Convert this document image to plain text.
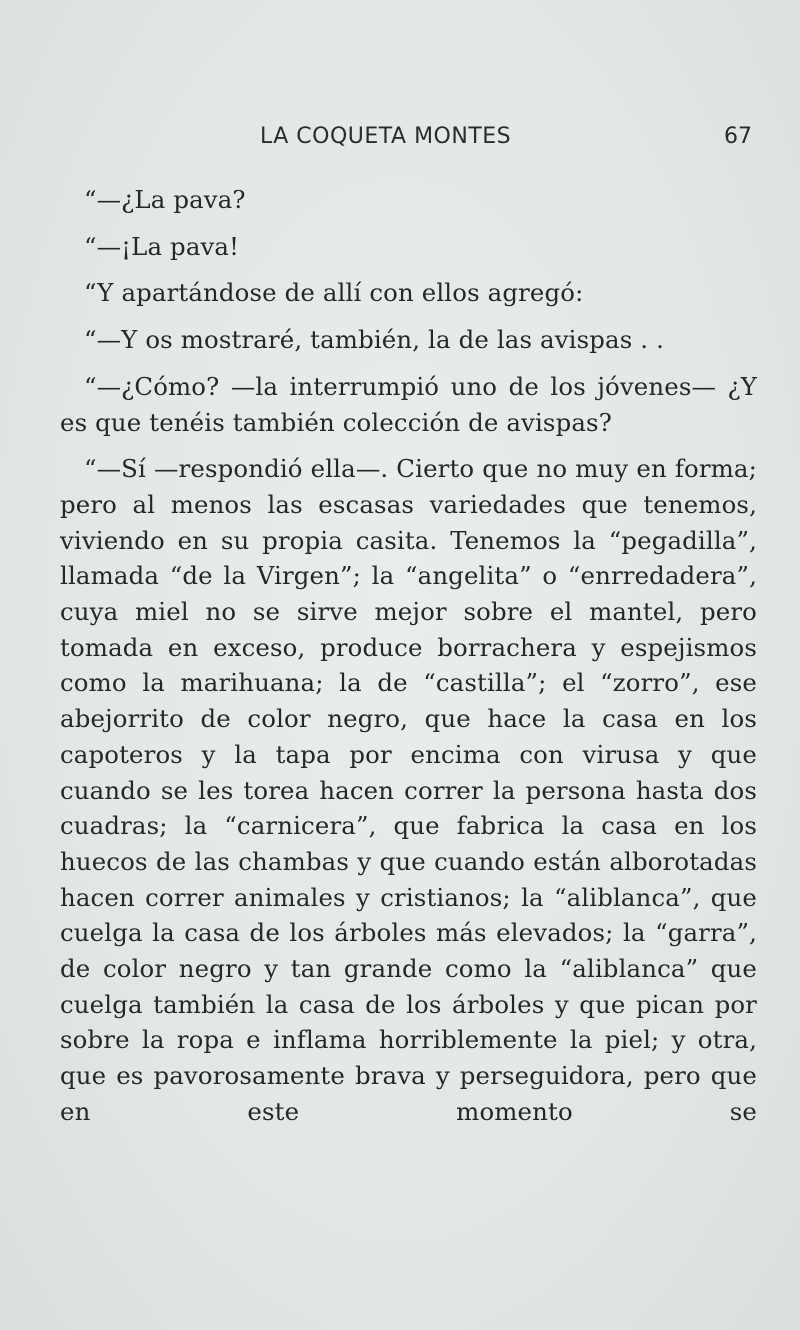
LA COQUETA MONTES	67

“—¿La pava?

“—¡La pava!

“Y apartándose de allí con ellos agregó:

“—Y os mostraré, también, la de las avispas . .

“—¿Cómo? —la interrumpió uno de los jóvenes— ¿Y es que tenéis también colección de avispas?

“—Sí —respondió ella—. Cierto que no muy en forma; pero al menos las escasas variedades que tenemos, viviendo en su propia casita. Tenemos la “pegadilla”, llamada “de la Virgen”; la “angelita” o “enrredadera”, cuya miel no se sirve mejor sobre el mantel, pero tomada en exceso, produce borrachera y espejismos como la marihuana; la de “castilla”; el “zorro”, ese abejorrito de color negro, que hace la casa en los capoteros y la tapa por encima con virusa y que cuando se les torea hacen correr la persona hasta dos cuadras; la “carnicera”, que fabrica la casa en los huecos de las chambas y que cuando están alborotadas hacen correr animales y cristianos; la “aliblanca”, que cuelga la casa de los árboles más elevados; la “garra”, de color negro y tan grande como la “aliblanca” que cuelga también la casa de los árboles y que pican por sobre la ropa e inflama horriblemente la piel; y otra, que es pavorosamente brava y perseguidora, pero que en este momento se
